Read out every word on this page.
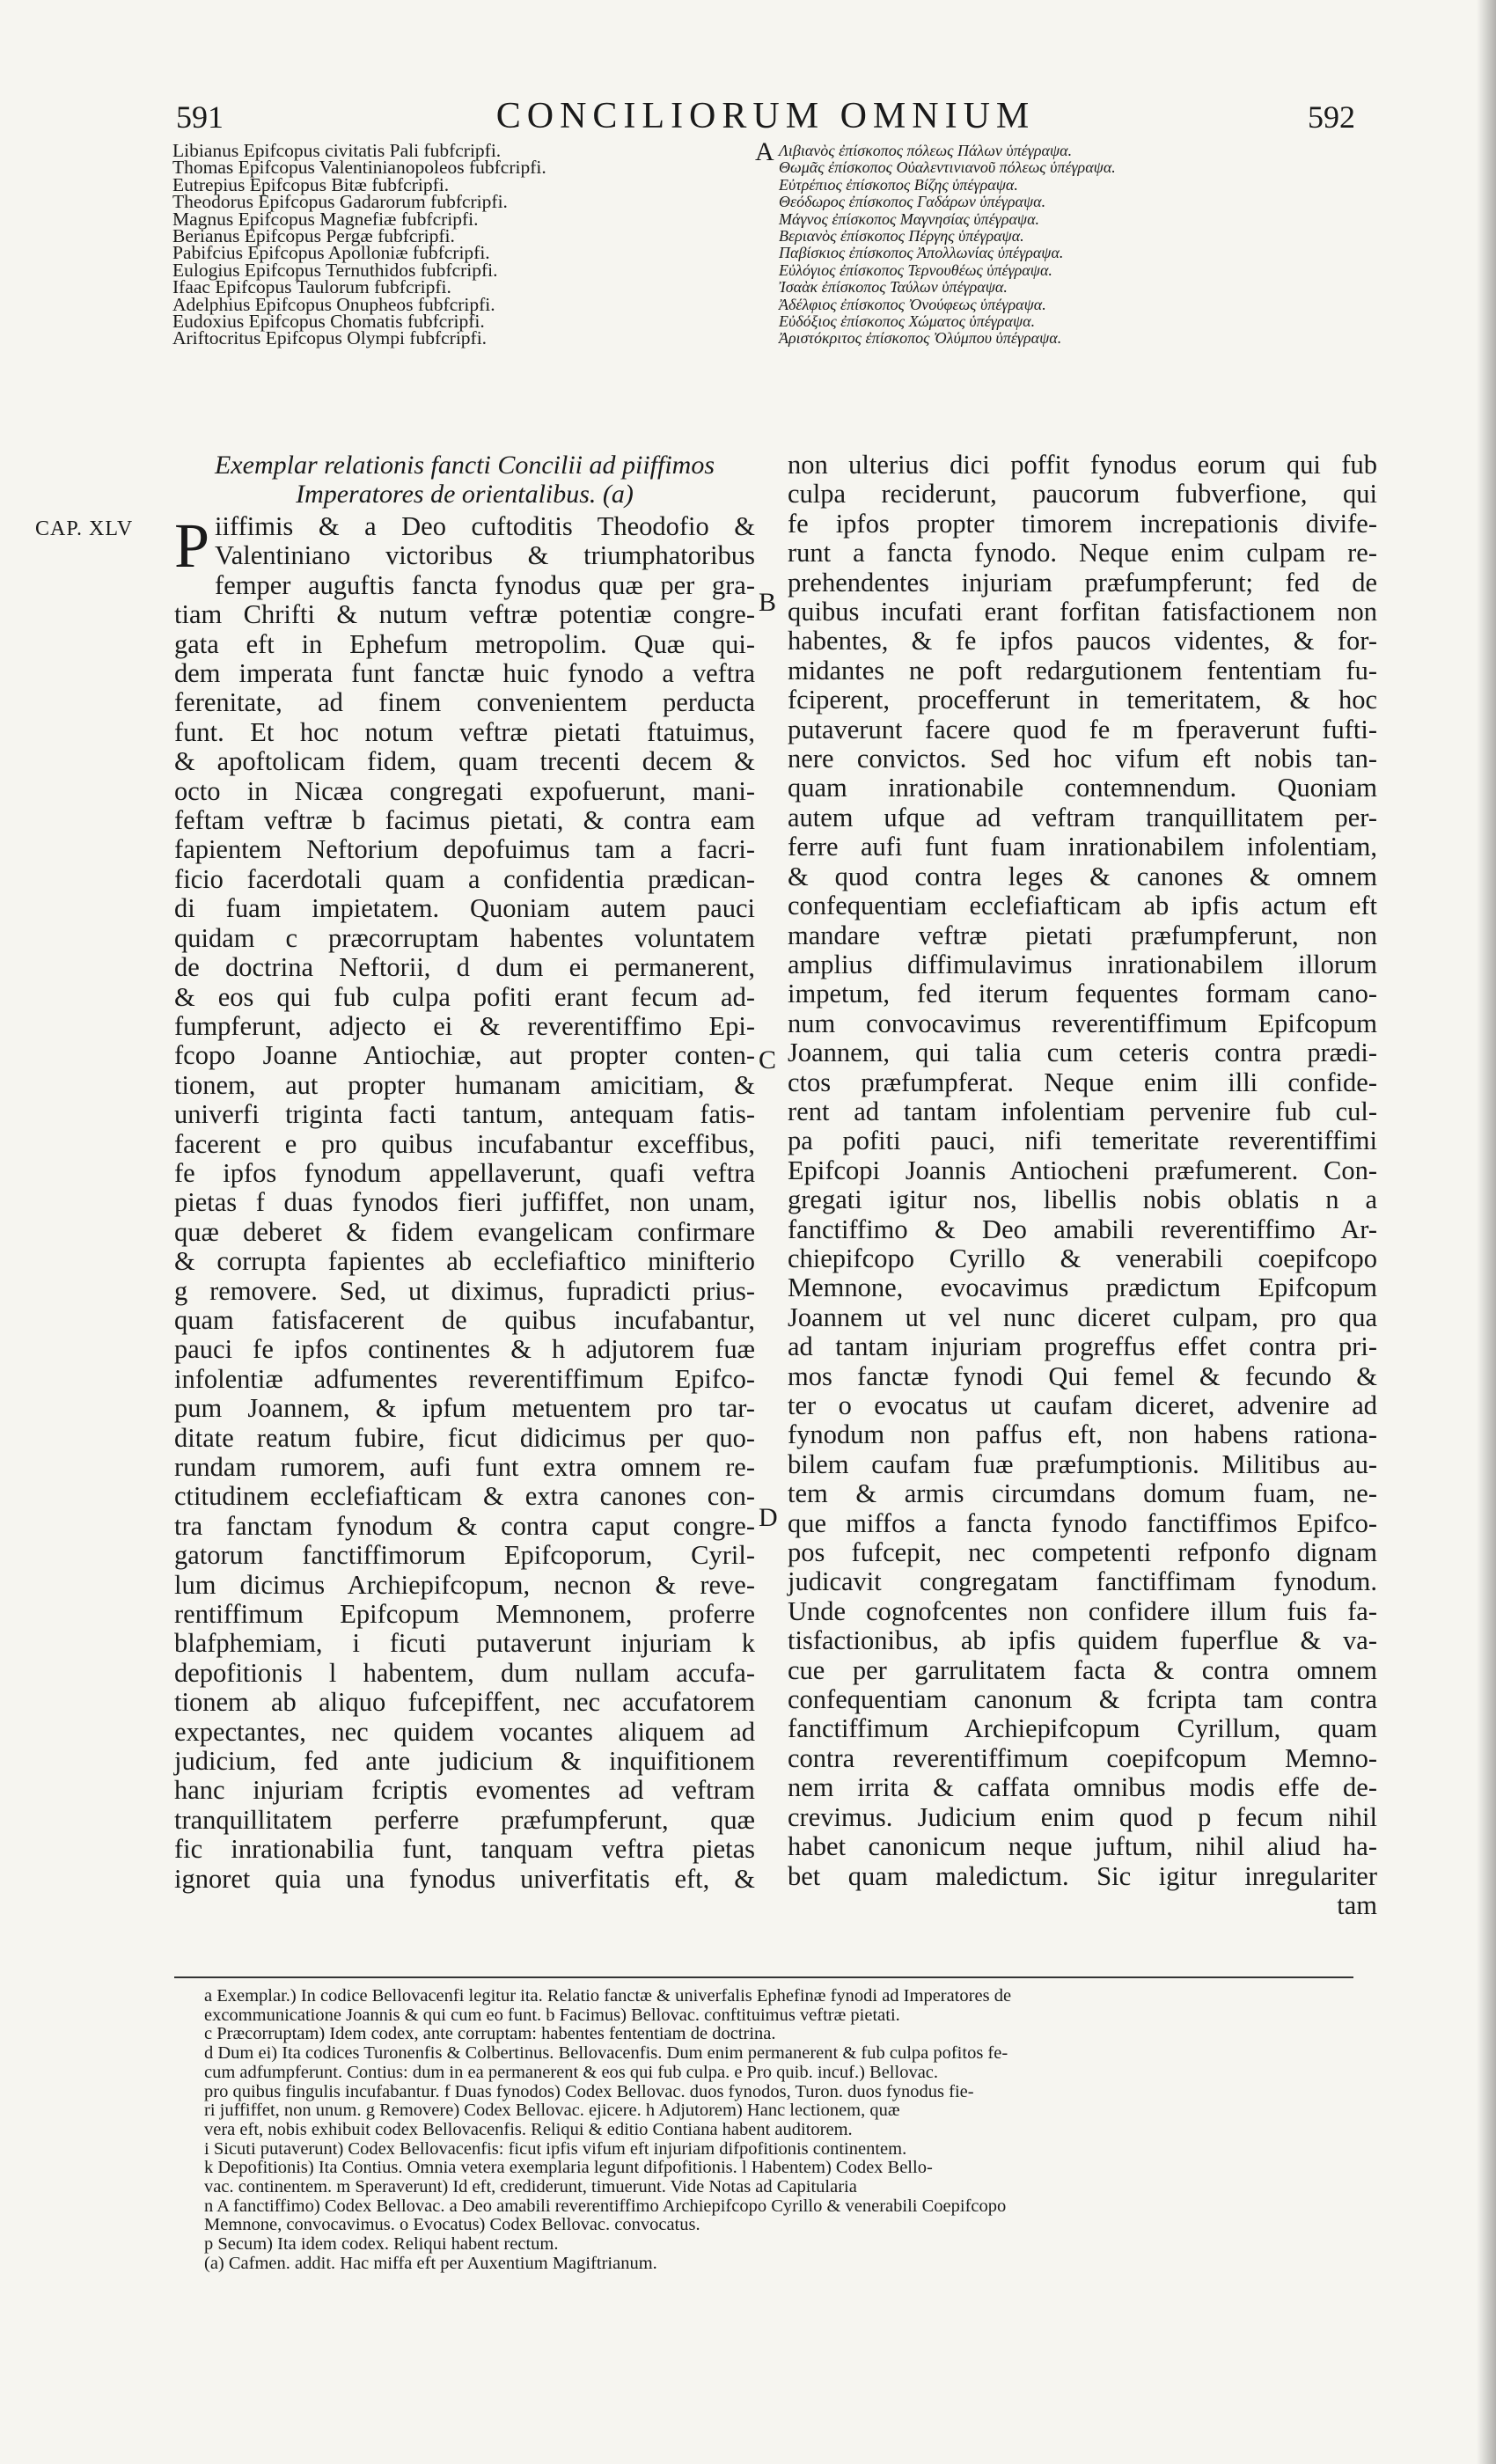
591	CONCILIORUM OMNIUM	592
Libianus Epifcopus civitatis Pali fubfcripfi.
Thomas Epifcopus Valentinianopoleos fubfcripfi.
Eutrepius Epifcopus Bitæ fubfcripfi.
Theodorus Epifcopus Gadarorum fubfcripfi.
Magnus Epifcopus Magnefiæ fubfcripfi.
Berianus Epifcopus Pergæ fubfcripfi.
Pabifcius Epifcopus Apolloniæ fubfcripfi.
Eulogius Epifcopus Ternuthidos fubfcripfi.
Ifaac Epifcopus Taulorum fubfcripfi.
Adelphius Epifcopus Onupheos fubfcripfi.
Eudoxius Epifcopus Chomatis fubfcripfi.
Ariftocritus Epifcopus Olympi fubfcripfi.
Λιβιανὸς ἐπίσκοπος πόλεως Πάλων ὑπέγραψα.
Θωμᾶς ἐπίσκοπος Οὐαλεντινιανοῦ πόλεως ὑπέγραψα.
Εὐτρέπιος ἐπίσκοπος Βίζης ὑπέγραψα.
Θεόδωρος ἐπίσκοπος Γαδάρων ὑπέγραψα.
Μάγνος ἐπίσκοπος Μαγνησίας ὑπέγραψα.
Βεριανὸς ἐπίσκοπος Πέργης ὑπέγραψα.
Παβίσκιος ἐπίσκοπος Ἀπολλωνίας ὑπέγραψα.
Εὐλόγιος ἐπίσκοπος Τερνουθέως ὑπέγραψα.
Ἰσαὰκ ἐπίσκοπος Ταύλων ὑπέγραψα.
Ἀδέλφιος ἐπίσκοπος Ὀνούφεως ὑπέγραψα.
Εὐδόξιος ἐπίσκοπος Χώματος ὑπέγραψα.
Ἀριστόκριτος ἐπίσκοπος Ὀλύμπου ὑπέγραψα.
A
B
C
D
CAP. XLV
Exemplar relationis fancti Concilii ad piiffimos
Imperatores de orientalibus. (a)
P iiffimis & a Deo cuftoditis Theodofio &
Valentiniano victoribus & triumphatoribus
femper auguftis fancta fynodus quæ per gra-
tiam Chrifti & nutum veftræ potentiæ congre-
gata eft in Ephefum metropolim. Quæ qui-
dem imperata funt fanctæ huic fynodo a veftra
ferenitate, ad finem convenientem perducta
funt. Et hoc notum veftræ pietati ftatuimus,
& apoftolicam fidem, quam trecenti decem &
octo in Nicæa congregati expofuerunt, mani-
feftam veftræ b facimus pietati, & contra eam
fapientem Neftorium depofuimus tam a facri-
ficio facerdotali quam a confidentia prædican-
di fuam impietatem. Quoniam autem pauci
quidam c præcorruptam habentes voluntatem
de doctrina Neftorii, d dum ei permanerent,
& eos qui fub culpa pofiti erant fecum ad-
fumpferunt, adjecto ei & reverentiffimo Epi-
fcopo Joanne Antiochiæ, aut propter conten-
tionem, aut propter humanam amicitiam, &
univerfi triginta facti tantum, antequam fatis-
facerent e pro quibus incufabantur exceffibus,
fe ipfos fynodum appellaverunt, quafi veftra
pietas f duas fynodos fieri juffiffet, non unam,
quæ deberet & fidem evangelicam confirmare
& corrupta fapientes ab ecclefiaftico minifterio
g removere. Sed, ut diximus, fupradicti prius-
quam fatisfacerent de quibus incufabantur,
pauci fe ipfos continentes & h adjutorem fuæ
infolentiæ adfumentes reverentiffimum Epifco-
pum Joannem, & ipfum metuentem pro tar-
ditate reatum fubire, ficut didicimus per quo-
rundam rumorem, aufi funt extra omnem re-
ctitudinem ecclefiafticam & extra canones con-
tra fanctam fynodum & contra caput congre-
gatorum fanctiffimorum Epifcoporum, Cyril-
lum dicimus Archiepifcopum, necnon & reve-
rentiffimum Epifcopum Memnonem, proferre
blafphemiam, i ficuti putaverunt injuriam k
depofitionis l habentem, dum nullam accufa-
tionem ab aliquo fufcepiffent, nec accufatorem
expectantes, nec quidem vocantes aliquem ad
judicium, fed ante judicium & inquifitionem
hanc injuriam fcriptis evomentes ad veftram
tranquillitatem perferre præfumpferunt, quæ
fic inrationabilia funt, tanquam veftra pietas
ignoret quia una fynodus univerfitatis eft, &
non ulterius dici poffit fynodus eorum qui fub
culpa reciderunt, paucorum fubverfione, qui
fe ipfos propter timorem increpationis divife-
runt a fancta fynodo. Neque enim culpam re-
prehendentes injuriam præfumpferunt; fed de
quibus incufati erant forfitan fatisfactionem non
habentes, & fe ipfos paucos videntes, & for-
midantes ne poft redargutionem fententiam fu-
fciperent, procefferunt in temeritatem, & hoc
putaverunt facere quod fe m fperaverunt fufti-
nere convictos. Sed hoc vifum eft nobis tan-
quam inrationabile contemnendum. Quoniam
autem ufque ad veftram tranquillitatem per-
ferre aufi funt fuam inrationabilem infolentiam,
& quod contra leges & canones & omnem
confequentiam ecclefiafticam ab ipfis actum eft
mandare veftræ pietati præfumpferunt, non
amplius diffimulavimus inrationabilem illorum
impetum, fed iterum fequentes formam cano-
num convocavimus reverentiffimum Epifcopum
Joannem, qui talia cum ceteris contra prædi-
ctos præfumpferat. Neque enim illi confide-
rent ad tantam infolentiam pervenire fub cul-
pa pofiti pauci, nifi temeritate reverentiffimi
Epifcopi Joannis Antiocheni præfumerent. Con-
gregati igitur nos, libellis nobis oblatis n a
fanctiffimo & Deo amabili reverentiffimo Ar-
chiepifcopo Cyrillo & venerabili coepifcopo
Memnone, evocavimus prædictum Epifcopum
Joannem ut vel nunc diceret culpam, pro qua
ad tantam injuriam progreffus effet contra pri-
mos fanctæ fynodi Qui femel & fecundo &
ter o evocatus ut caufam diceret, advenire ad
fynodum non paffus eft, non habens rationa-
bilem caufam fuæ præfumptionis. Militibus au-
tem & armis circumdans domum fuam, ne-
que miffos a fancta fynodo fanctiffimos Epifco-
pos fufcepit, nec competenti refponfo dignam
judicavit congregatam fanctiffimam fynodum.
Unde cognofcentes non confidere illum fuis fa-
tisfactionibus, ab ipfis quidem fuperflue & va-
cue per garrulitatem facta & contra omnem
confequentiam canonum & fcripta tam contra
fanctiffimum Archiepifcopum Cyrillum, quam
contra reverentiffimum coepifcopum Memno-
nem irrita & caffata omnibus modis effe de-
crevimus. Judicium enim quod p fecum nihil
habet canonicum neque juftum, nihil aliud ha-
bet quam maledictum. Sic igitur inregulariter
tam
a Exemplar.) In codice Bellovacenfi legitur ita. Relatio fanctæ & univerfalis Ephefinæ fynodi ad Imperatores de
excommunicatione Joannis & qui cum eo funt. b Facimus) Bellovac. conftituimus veftræ pietati.
c Præcorruptam) Idem codex, ante corruptam: habentes fententiam de doctrina.
d Dum ei) Ita codices Turonenfis & Colbertinus. Bellovacenfis. Dum enim permanerent & fub culpa pofitos fe-
cum adfumpferunt. Contius: dum in ea permanerent & eos qui fub culpa. e Pro quib. incuf.) Bellovac.
pro quibus fingulis incufabantur. f Duas fynodos) Codex Bellovac. duos fynodos, Turon. duos fynodus fie-
ri juffiffet, non unum. g Removere) Codex Bellovac. ejicere. h Adjutorem) Hanc lectionem, quæ
vera eft, nobis exhibuit codex Bellovacenfis. Reliqui & editio Contiana habent auditorem.
i Sicuti putaverunt) Codex Bellovacenfis: ficut ipfis vifum eft injuriam difpofitionis continentem.
k Depofitionis) Ita Contius. Omnia vetera exemplaria legunt difpofitionis. l Habentem) Codex Bello-
vac. continentem. m Speraverunt) Id eft, crediderunt, timuerunt. Vide Notas ad Capitularia
n A fanctiffimo) Codex Bellovac. a Deo amabili reverentiffimo Archiepifcopo Cyrillo & venerabili Coepifcopo
Memnone, convocavimus. o Evocatus) Codex Bellovac. convocatus.
p Secum) Ita idem codex. Reliqui habent rectum.
(a) Cafmen. addit. Hac miffa eft per Auxentium Magiftrianum.
